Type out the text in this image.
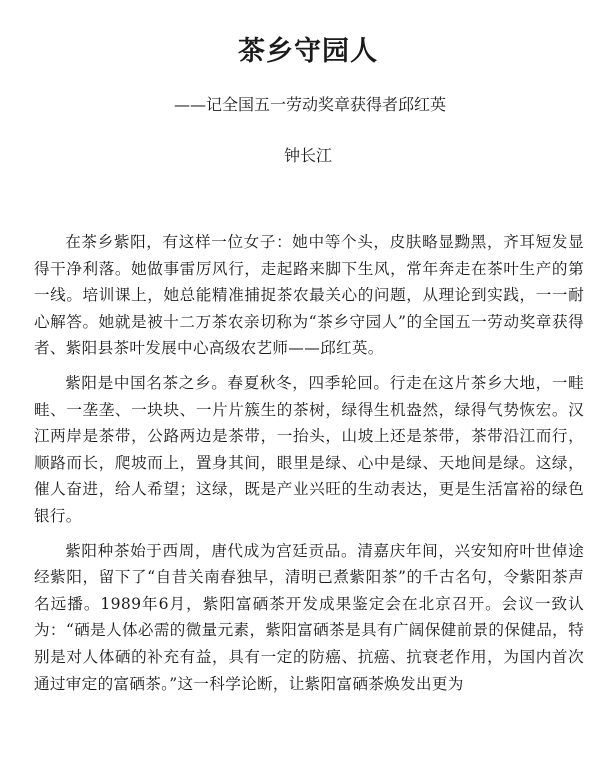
茶乡守园人
——记全国五一劳动奖章获得者邱红英
钟长江

在茶乡紫阳，有这样一位女子：她中等个头，皮肤略显黝黑，齐耳短发显得干净利落。她做事雷厉风行，走起路来脚下生风，常年奔走在茶叶生产的第一线。培训课上，她总能精准捕捉茶农最关心的问题，从理论到实践，一一耐心解答。她就是被十二万茶农亲切称为“茶乡守园人”的全国五一劳动奖章获得者、紫阳县茶叶发展中心高级农艺师——邱红英。

紫阳是中国名茶之乡。春夏秋冬，四季轮回。行走在这片茶乡大地，一畦畦、一垄垄、一块块、一片片簇生的茶树，绿得生机盎然，绿得气势恢宏。汉江两岸是茶带，公路两边是茶带，一抬头，山坡上还是茶带，茶带沿江而行，顺路而长，爬坡而上，置身其间，眼里是绿、心中是绿、天地间是绿。这绿，催人奋进，给人希望；这绿，既是产业兴旺的生动表达，更是生活富裕的绿色银行。

紫阳种茶始于西周，唐代成为宫廷贡品。清嘉庆年间，兴安知府叶世倬途经紫阳，留下了“自昔关南春独早，清明已煮紫阳茶”的千古名句，令紫阳茶声名远播。1989年6月，紫阳富硒茶开发成果鉴定会在北京召开。会议一致认为：“硒是人体必需的微量元素，紫阳富硒茶是具有广阔保健前景的保健品，特别是对人体硒的补充有益，具有一定的防癌、抗癌、抗衰老作用，为国内首次通过审定的富硒茶。”这一科学论断，让紫阳富硒茶焕发出更为
